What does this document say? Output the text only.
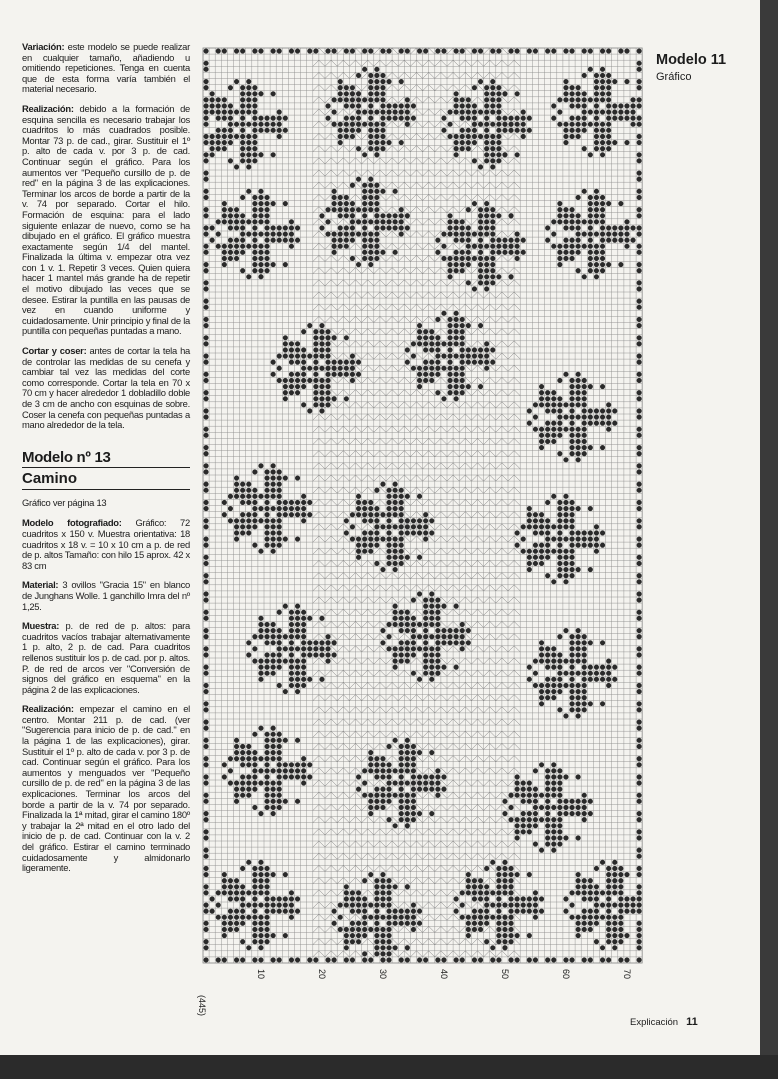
Variación: este modelo se puede realizar en cualquier tamaño, añadiendo u omitiendo repeticiones. Tenga en cuenta que de esta forma varía también el material necesario.

Realización: debido a la formación de esquina sencilla es necesario trabajar los cuadritos lo más cuadrados posible. Montar 73 p. de cad., girar. Sustituir el 1º p. alto de cada v. por 3 p. de cad. Continuar según el gráfico. Para los aumentos ver "Pequeño cursillo de p. de red" en la página 3 de las explicaciones. Terminar los arcos de borde a partir de la v. 74 por separado. Cortar el hilo. Formación de esquina: para el lado siguiente enlazar de nuevo, como se ha dibujado en el gráfico. El gráfico muestra exactamente según 1/4 del mantel. Finalizada la última v. empezar otra vez con 1 v. 1. Repetir 3 veces. Quien quiera hacer 1 mantel más grande ha de repetir el motivo dibujado las veces que se desee. Estirar la puntilla en las pausas de vez en cuando uniforme y cuidadosamente. Unir principio y final de la puntilla con pequeñas puntadas a mano.

Cortar y coser: antes de cortar la tela ha de controlar las medidas de su cenefa y cambiar tal vez las medidas del corte como corresponde. Cortar la tela en 70 x 70 cm y hacer alrededor 1 dobladillo doble de 3 cm de ancho con esquinas de sobre. Coser la cenefa con pequeñas puntadas a mano alrededor de la tela.

Modelo nº 13
Camino

Gráfico ver página 13

Modelo fotografiado: Gráfico: 72 cuadritos x 150 v. Muestra orientativa: 18 cuadritos x 18 v. = 10 x 10 cm a p. de red de p. altos Tamaño: con hilo 15 aprox. 42 x 83 cm

Material: 3 ovillos "Gracia 15" en blanco de Junghans Wolle. 1 ganchillo Imra del nº 1,25.

Muestra: p. de red de p. altos: para cuadritos vacíos trabajar alternativamente 1 p. alto, 2 p. de cad. Para cuadritos rellenos sustituir los p. de cad. por p. altos. P. de red de arcos ver "Conversión de signos del gráfico en esquema" en la página 2 de las explicaciones.

Realización: empezar el camino en el centro. Montar 211 p. de cad. (ver "Sugerencia para inicio de p. de cad." en la página 1 de las explicaciones), girar. Sustituir el 1º p. alto de cada v. por 3 p. de cad. Continuar según el gráfico. Para los aumentos y menguados ver "Pequeño cursillo de p. de red" en la página 3 de las explicaciones. Terminar los arcos del borde a partir de la v. 74 por separado. Finalizada la 1ª mitad, girar el camino 180º y trabajar la 2ª mitad en el otro lado del inicio de p. de cad. Continuar con la v. 2 del gráfico. Estirar el camino terminado cuidadosamente y almidonarlo ligeramente.

(445)
10	20	30	40	50	60	70
Modelo 11
Gráfico
Explicación 11
